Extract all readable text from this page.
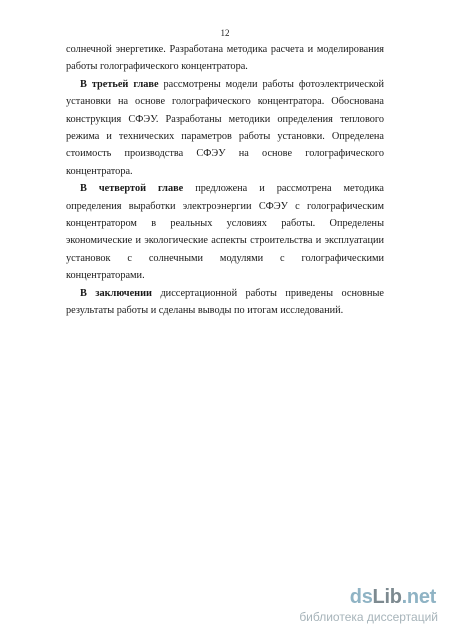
12

солнечной энергетике. Разработана методика расчета и моделирования работы голографического концентратора.

В третьей главе рассмотрены модели работы фотоэлектрической установки на основе голографического концентратора. Обоснована конструкция СФЭУ. Разработаны методики определения теплового режима и технических параметров работы установки. Определена стоимость производства СФЭУ на основе голографического концентратора.

В четвертой главе предложена и рассмотрена методика определения выработки электроэнергии СФЭУ с голографическим концентратором в реальных условиях работы. Определены экономические и экологические аспекты строительства и эксплуатации установок с солнечными модулями с голографическими концентраторами.

В заключении диссертационной работы приведены основные результаты работы и сделаны выводы по итогам исследований.

dsLib.net
библиотека диссертаций
